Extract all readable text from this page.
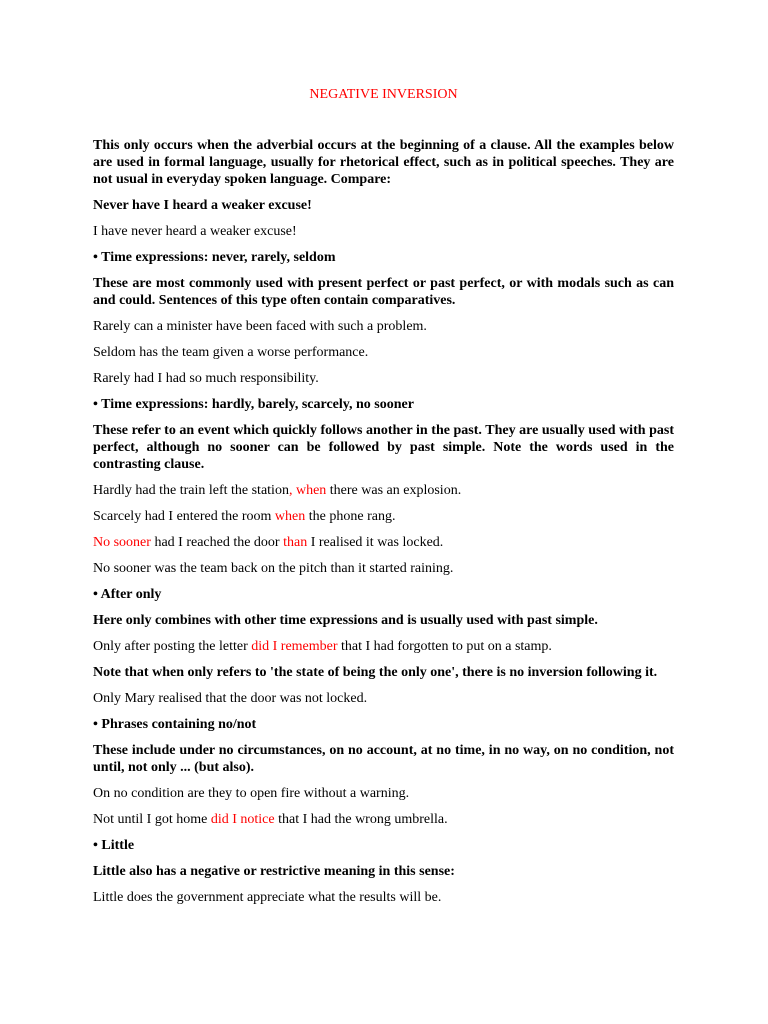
NEGATIVE INVERSION

This only occurs when the adverbial occurs at the beginning of a clause. All the examples below are used in formal language, usually for rhetorical effect, such as in political speeches. They are not usual in everyday spoken language. Compare:

Never have I heard a weaker excuse!

I have never heard a weaker excuse!

• Time expressions: never, rarely, seldom

These are most commonly used with present perfect or past perfect, or with modals such as can and could. Sentences of this type often contain comparatives.

Rarely can a minister have been faced with such a problem.

Seldom has the team given a worse performance.

Rarely had I had so much responsibility.

• Time expressions: hardly, barely, scarcely, no sooner

These refer to an event which quickly follows another in the past. They are usually used with past perfect, although no sooner can be followed by past simple. Note the words used in the contrasting clause.

Hardly had the train left the station, when there was an explosion.

Scarcely had I entered the room when the phone rang.

No sooner had I reached the door than I realised it was locked.

No sooner was the team back on the pitch than it started raining.

• After only

Here only combines with other time expressions and is usually used with past simple.

Only after posting the letter did I remember that I had forgotten to put on a stamp.

Note that when only refers to 'the state of being the only one', there is no inversion following it.

Only Mary realised that the door was not locked.

• Phrases containing no/not

These include under no circumstances, on no account, at no time, in no way, on no condition, not until, not only ... (but also).

On no condition are they to open fire without a warning.

Not until I got home did I notice that I had the wrong umbrella.

• Little

Little also has a negative or restrictive meaning in this sense:

Little does the government appreciate what the results will be.
